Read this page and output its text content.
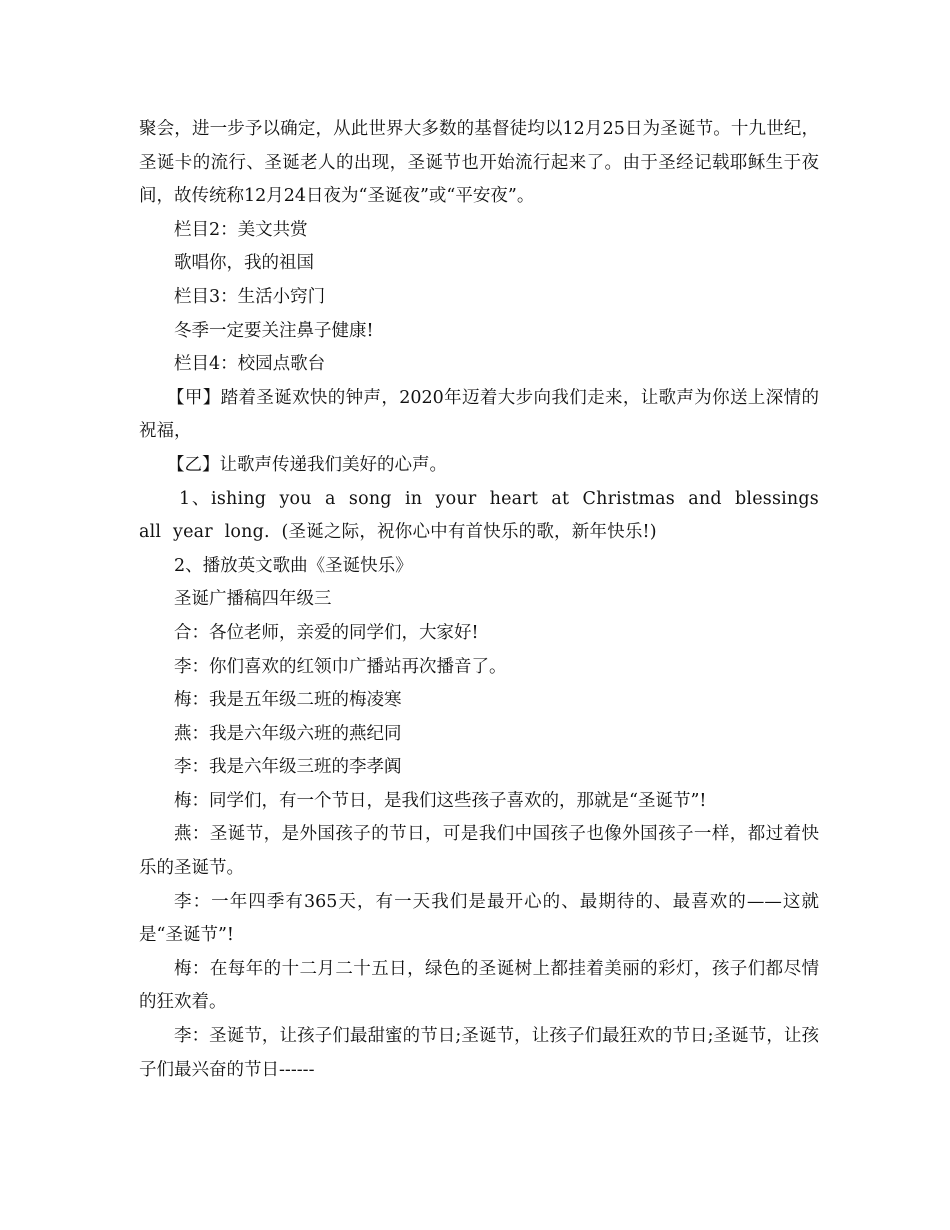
聚会，进一步予以确定，从此世界大多数的基督徒均以12月25日为圣诞节。十九世纪，圣诞卡的流行、圣诞老人的出现，圣诞节也开始流行起来了。由于圣经记载耶稣生于夜间，故传统称12月24日夜为“圣诞夜”或“平安夜”。

栏目2：美文共赏

歌唱你，我的祖国

栏目3：生活小窍门

冬季一定要关注鼻子健康!

栏目4：校园点歌台

【甲】踏着圣诞欢快的钟声，2020年迈着大步向我们走来，让歌声为你送上深情的祝福，

【乙】让歌声传递我们美好的心声。

1、ishing you a song in your heart at Christmas and blessings all year long. (圣诞之际，祝你心中有首快乐的歌，新年快乐!)

2、播放英文歌曲《圣诞快乐》

圣诞广播稿四年级三

合：各位老师，亲爱的同学们，大家好!

李：你们喜欢的红领巾广播站再次播音了。

梅：我是五年级二班的梅凌寒

燕：我是六年级六班的燕纪同

李：我是六年级三班的李孝阗

梅：同学们，有一个节日，是我们这些孩子喜欢的，那就是“圣诞节”!

燕：圣诞节，是外国孩子的节日，可是我们中国孩子也像外国孩子一样，都过着快乐的圣诞节。

李：一年四季有365天，有一天我们是最开心的、最期待的、最喜欢的——这就是“圣诞节”!

梅：在每年的十二月二十五日，绿色的圣诞树上都挂着美丽的彩灯，孩子们都尽情的狂欢着。

李：圣诞节，让孩子们最甜蜜的节日;圣诞节，让孩子们最狂欢的节日;圣诞节，让孩子们最兴奋的节日------
